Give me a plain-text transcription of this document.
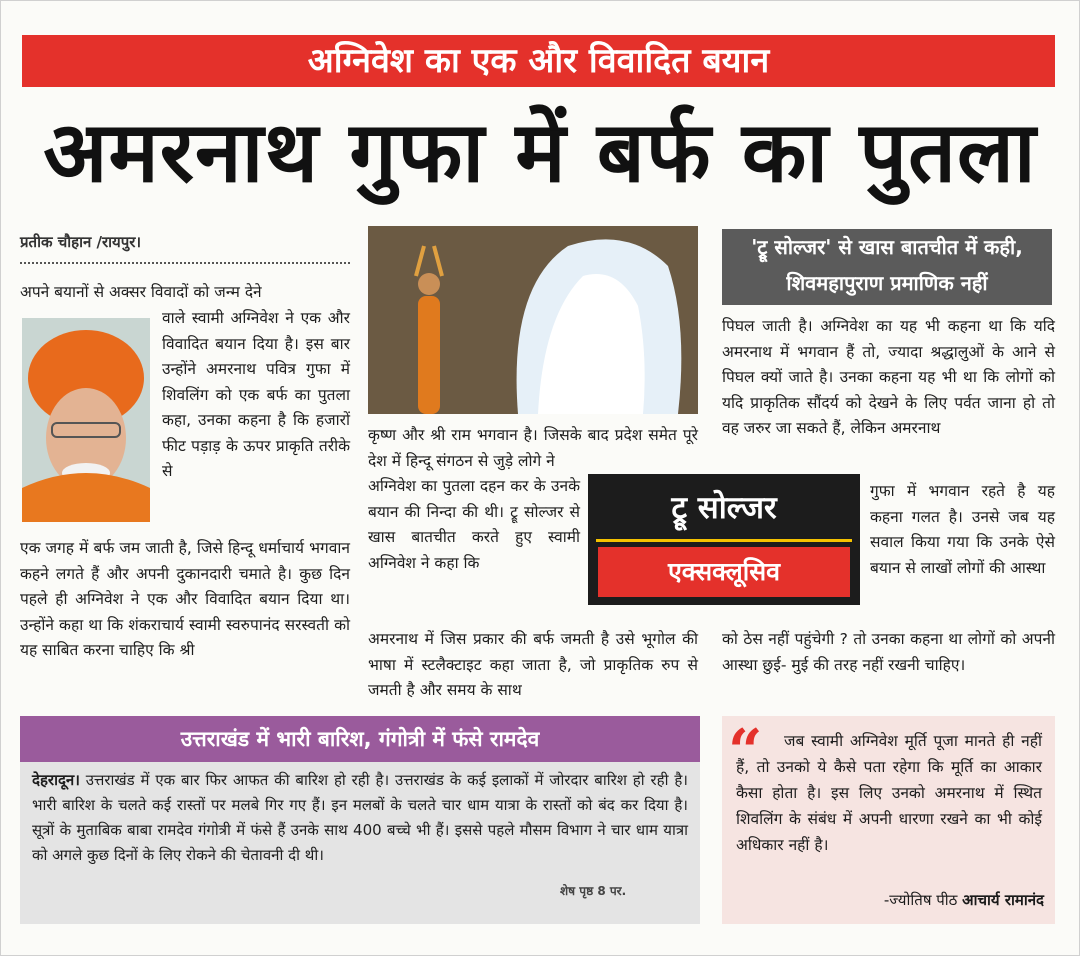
अग्निवेश का एक और विवादित बयान
अमरनाथ गुफा में बर्फ का पुतला
प्रतीक चौहान /रायपुर।

अपने बयानों से अक्सर विवादों को जन्म देने

वाले स्वामी अग्निवेश ने एक और विवादित बयान दिया है। इस बार उन्होंने अमरनाथ पवित्र गुफा में शिवलिंग को एक बर्फ का पुतला कहा, उनका कहना है कि हजारों फीट पड़ाड़ के ऊपर प्राकृति तरीके से

एक जगह में बर्फ जम जाती है, जिसे हिन्दू धर्माचार्य भगवान कहने लगते हैं और अपनी दुकानदारी चमाते है। कुछ दिन पहले ही अग्निवेश ने एक और विवादित बयान दिया था। उन्होंने कहा था कि शंकराचार्य स्वामी स्वरुपानंद सरस्वती को यह साबित करना चाहिए कि श्री

कृष्ण और श्री राम भगवान है। जिसके बाद प्रदेश समेत पूरे देश में हिन्दू संगठन से जुड़े लोगे ने

अग्निवेश का पुतला दहन कर के उनके बयान की निन्दा की थी। ट्रू सोल्जर से खास बातचीत करते हुए स्वामी अग्निवेश ने कहा कि

अमरनाथ में जिस प्रकार की बर्फ जमती है उसे भूगोल की भाषा में स्टलैक्टाइट कहा जाता है, जो प्राकृतिक रुप से जमती है और समय के साथ

ट्रू सोल्जर
एक्सक्लूसिव
'ट्रू सोल्जर' से खास बातचीत में कही, शिवमहापुराण प्रमाणिक नहीं

पिघल जाती है। अग्निवेश का यह भी कहना था कि यदि अमरनाथ में भगवान हैं तो, ज्यादा श्रद्धालुओं के आने से पिघल क्यों जाते है। उनका कहना यह भी था कि लोगों को यदि प्राकृतिक सौंदर्य को देखने के लिए पर्वत जाना हो तो वह जरुर जा सकते हैं, लेकिन अमरनाथ

गुफा में भगवान रहते है यह कहना गलत है। उनसे जब यह सवाल किया गया कि उनके ऐसे बयान से लाखों लोगों की आस्था

को ठेस नहीं पहुंचेगी ? तो उनका कहना था लोगों को अपनी आस्था छुई- मुई की तरह नहीं रखनी चाहिए।

उत्तराखंड में भारी बारिश, गंगोत्री में फंसे रामदेव

देहरादून। उत्तराखंड में एक बार फिर आफत की बारिश हो रही है। उत्तराखंड के कई इलाकों में जोरदार बारिश हो रही है। भारी बारिश के चलते कई रास्तों पर मलबे गिर गए हैं। इन मलबों के चलते चार धाम यात्रा के रास्तों को बंद कर दिया है। सूत्रों के मुताबिक बाबा रामदेव गंगोत्री में फंसे हैं उनके साथ 400 बच्चे भी हैं। इससे पहले मौसम विभाग ने चार धाम यात्रा को अगले कुछ दिनों के लिए रोकने की चेतावनी दी थी।

शेष पृष्ठ 8 पर.
“	जब स्वामी अग्निवेश मूर्ति पूजा मानते ही नहीं हैं, तो उनको ये कैसे पता रहेगा कि मूर्ति का आकार कैसा होता है। इस लिए उनको अमरनाथ में स्थित शिवलिंग के संबंध में अपनी धारणा रखने का भी कोई अधिकार नहीं है।
-ज्योतिष पीठ आचार्य रामानंद
